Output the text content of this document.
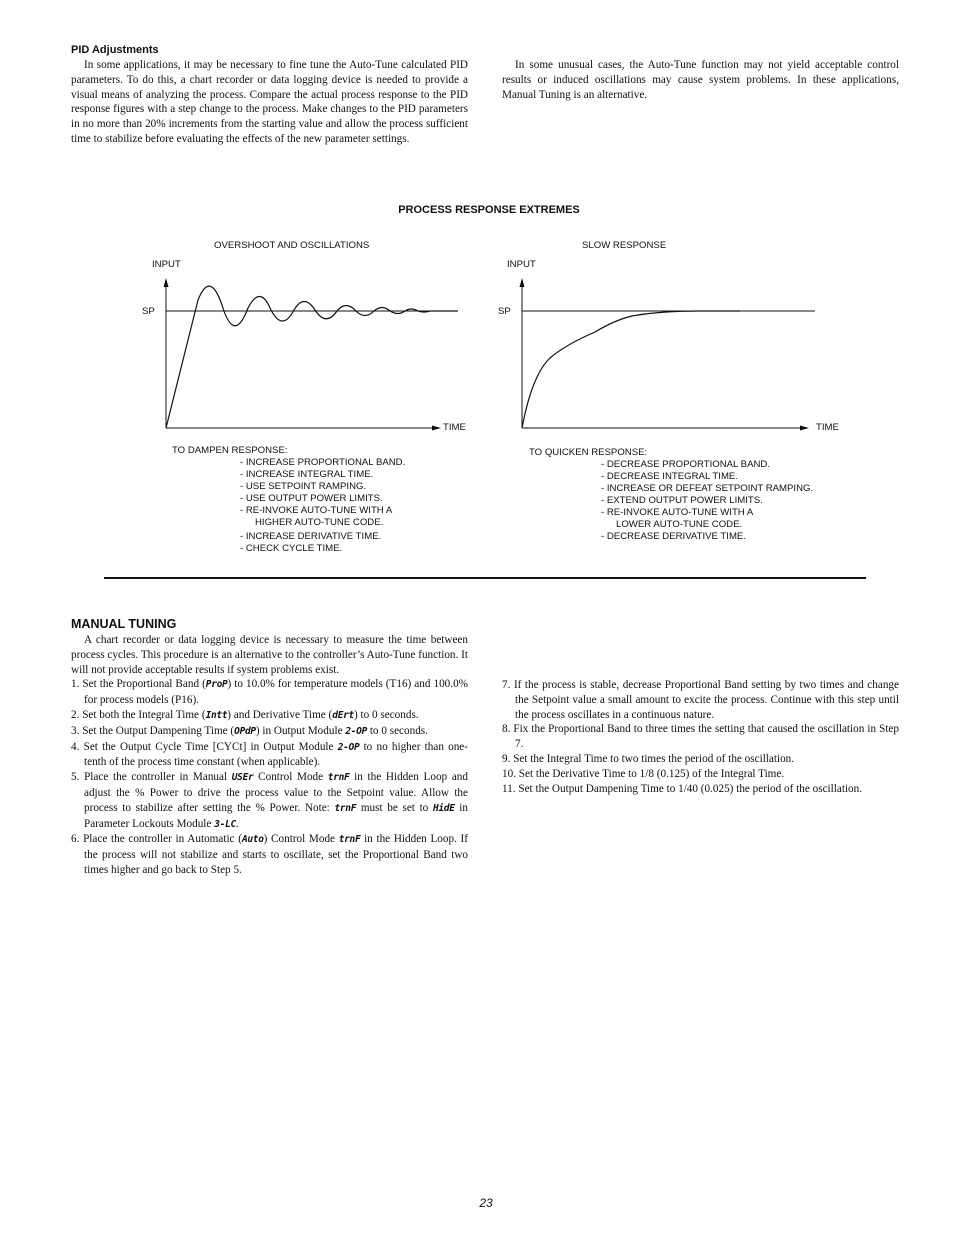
PID Adjustments

In some applications, it may be necessary to fine tune the Auto-Tune calculated PID parameters. To do this, a chart recorder or data logging device is needed to provide a visual means of analyzing the process. Compare the actual process response to the PID response figures with a step change to the process. Make changes to the PID parameters in no more than 20% increments from the starting value and allow the process sufficient time to stabilize before evaluating the effects of the new parameter settings.

In some unusual cases, the Auto-Tune function may not yield acceptable control results or induced oscillations may cause system problems. In these applications, Manual Tuning is an alternative.

PROCESS RESPONSE EXTREMES
OVERSHOOT AND OSCILLATIONS
INPUT
SP
TIME
TO DAMPEN RESPONSE:
- INCREASE PROPORTIONAL BAND.
- INCREASE INTEGRAL TIME.
- USE SETPOINT RAMPING.
- USE OUTPUT POWER LIMITS.
- RE-INVOKE AUTO-TUNE WITH A
HIGHER AUTO-TUNE CODE.
- INCREASE DERIVATIVE TIME.
- CHECK CYCLE TIME.
SLOW RESPONSE
INPUT
SP
TIME
TO QUICKEN RESPONSE:
- DECREASE PROPORTIONAL BAND.
- DECREASE INTEGRAL TIME.
- INCREASE OR DEFEAT SETPOINT RAMPING.
- EXTEND OUTPUT POWER LIMITS.
- RE-INVOKE AUTO-TUNE WITH A
LOWER AUTO-TUNE CODE.
- DECREASE DERIVATIVE TIME.
MANUAL TUNING

A chart recorder or data logging device is necessary to measure the time between process cycles. This procedure is an alternative to the controller’s Auto-Tune function. It will not provide acceptable results if system problems exist.

1. Set the Proportional Band (ProP) to 10.0% for temperature models (T16) and 100.0% for process models (P16).

2. Set both the Integral Time (Intt) and Derivative Time (dErt) to 0 seconds.

3. Set the Output Dampening Time (OPdP) in Output Module 2-OP to 0 seconds.

4. Set the Output Cycle Time [CYCt] in Output Module 2-OP to no higher than one-tenth of the process time constant (when applicable).

5. Place the controller in Manual USEr Control Mode trnF in the Hidden Loop and adjust the % Power to drive the process value to the Setpoint value. Allow the process to stabilize after setting the % Power. Note: trnF must be set to HidE in Parameter Lockouts Module 3-LC.

6. Place the controller in Automatic (Auto) Control Mode trnF in the Hidden Loop. If the process will not stabilize and starts to oscillate, set the Proportional Band two times higher and go back to Step 5.

7. If the process is stable, decrease Proportional Band setting by two times and change the Setpoint value a small amount to excite the process. Continue with this step until the process oscillates in a continuous nature.

8. Fix the Proportional Band to three times the setting that caused the oscillation in Step 7.

9. Set the Integral Time to two times the period of the oscillation.

10. Set the Derivative Time to 1/8 (0.125) of the Integral Time.

11. Set the Output Dampening Time to 1/40 (0.025) the period of the oscillation.

23
